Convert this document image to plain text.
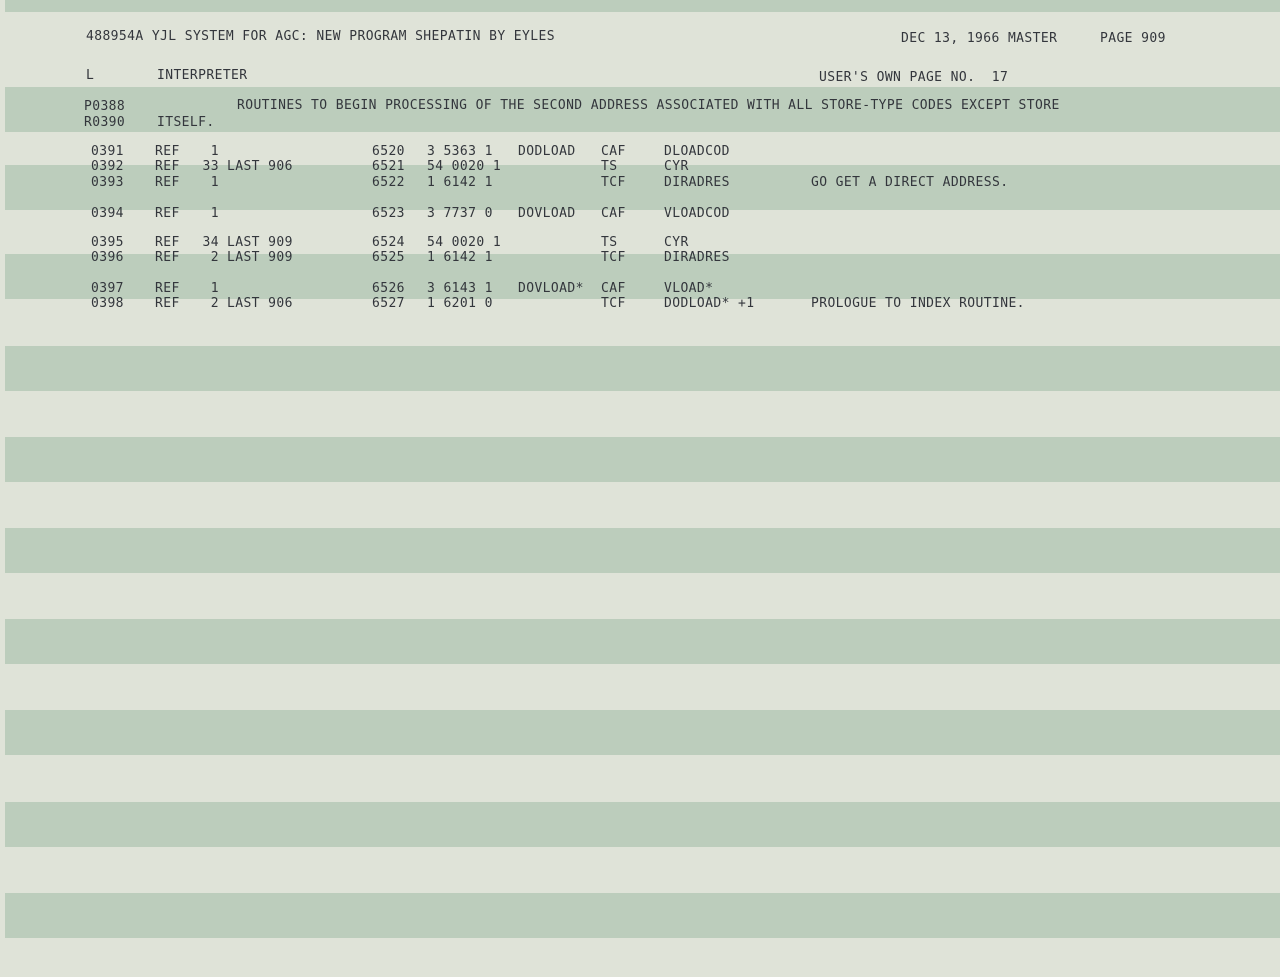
488954A YJL SYSTEM FOR AGC: NEW PROGRAM SHEPATIN BY EYLES	DEC 13, 1966 MASTER	PAGE 909
L	INTERPRETER	USER'S OWN PAGE NO.  17
P0388	ROUTINES TO BEGIN PROCESSING OF THE SECOND ADDRESS ASSOCIATED WITH ALL STORE-TYPE CODES EXCEPT STORE
R0390 ITSELF.
0391 REF	1	6520 3 5363 1 DODLOAD CAF	DLOADCOD
0392 REF	33 LAST 906	6521 54 0020 1	TS	CYR
0393 REF	1	6522 1 6142 1	TCF	DIRADRES	GO GET A DIRECT ADDRESS.
0394 REF	1	6523 3 7737 0 DOVLOAD CAF	VLOADCOD
0395 REF	34 LAST 909	6524 54 0020 1	TS	CYR
0396 REF	2 LAST 909	6525 1 6142 1	TCF	DIRADRES
0397 REF	1	6526 3 6143 1 DOVLOAD* CAF	VLOAD*
0398 REF	2 LAST 906	6527 1 6201 0	TCF	DODLOAD* +1	PROLOGUE TO INDEX ROUTINE.
